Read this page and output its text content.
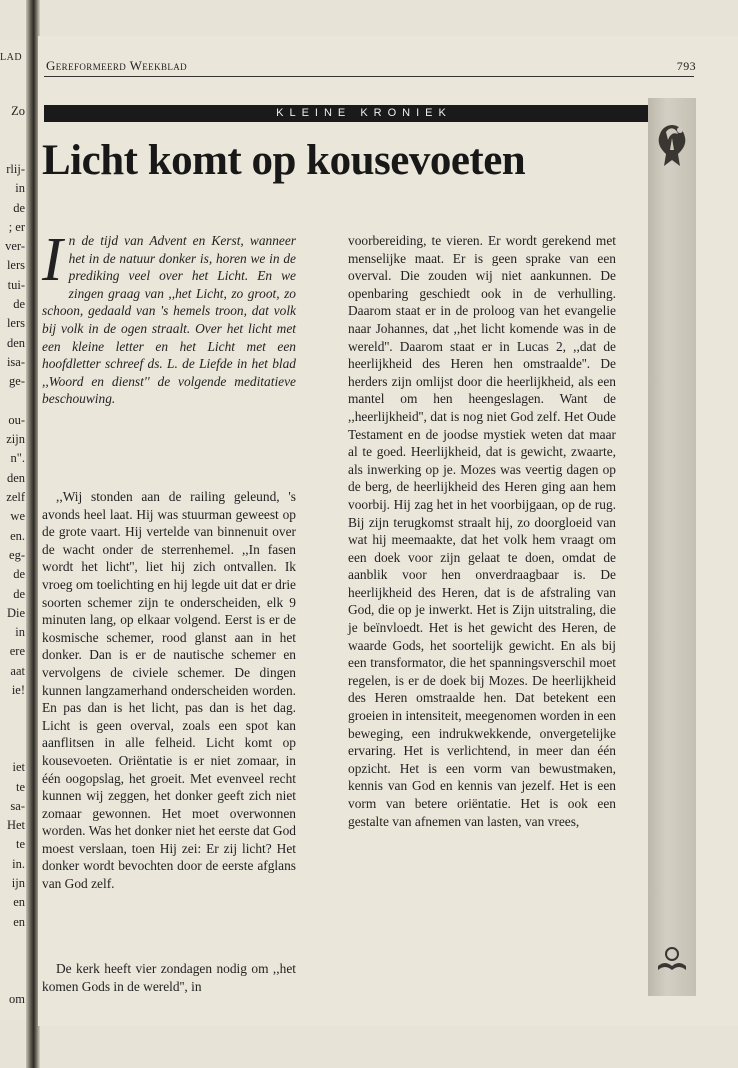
LAD
Zo
rlij-
in
de
; er
ver-
lers
tui-
de
lers
den
isa-
ge-
ou-
zijn
n".
den
zelf
we
en.
eg-
de
de
Die
in
ere
aat
ie!
iet
te
sa-
Het
te
in.
ijn
en
en
om
Gereformeerd Weekblad	793
KLEINE KRONIEK
Licht komt op kousevoeten
In de tijd van Advent en Kerst, wanneer het in de natuur donker is, horen we in de prediking veel over het Licht. En we zingen graag van ,,het Licht, zo groot, zo schoon, gedaald van 's hemels troon, dat volk bij volk in de ogen straalt. Over het licht met een kleine letter en het Licht met een hoofdletter schreef ds. L. de Liefde in het blad ,,Woord en dienst'' de volgende meditatieve beschouwing.

,,Wij stonden aan de railing geleund, 's avonds heel laat. Hij was stuurman geweest op de grote vaart. Hij vertelde van binnenuit over de wacht onder de sterrenhemel. ,,In fasen wordt het licht'', liet hij zich ontvallen. Ik vroeg om toelichting en hij legde uit dat er drie soorten schemer zijn te onderscheiden, elk 9 minuten lang, op elkaar volgend. Eerst is er de kosmische schemer, rood glanst aan in het donker. Dan is er de nautische schemer en vervolgens de civiele schemer. De dingen kunnen langzamerhand onderscheiden worden. En pas dan is het licht, pas dan is het dag. Licht is geen overval, zoals een spot kan aanflitsen in alle felheid. Licht komt op kousevoeten. Oriëntatie is er niet zomaar, in één oogopslag, het groeit. Met evenveel recht kunnen wij zeggen, het donker geeft zich niet zomaar gewonnen. Het moet overwonnen worden. Was het donker niet het eerste dat God moest verslaan, toen Hij zei: Er zij licht? Het donker wordt bevochten door de eerste afglans van God zelf.

De kerk heeft vier zondagen nodig om ,,het komen Gods in de wereld'', in

voorbereiding, te vieren. Er wordt gerekend met menselijke maat. Er is geen sprake van een overval. Die zouden wij niet aankunnen. De openbaring geschiedt ook in de verhulling. Daarom staat er in de proloog van het evangelie naar Johannes, dat ,,het licht komende was in de wereld''. Daarom staat er in Lucas 2, ,,dat de heerlijkheid des Heren hen omstraalde''. De herders zijn omlijst door die heerlijkheid, als een mantel om hen heengeslagen. Want de ,,heerlijkheid'', dat is nog niet God zelf. Het Oude Testament en de joodse mystiek weten dat maar al te goed. Heerlijkheid, dat is gewicht, zwaarte, als inwerking op je. Mozes was veertig dagen op de berg, de heerlijkheid des Heren ging aan hem voorbij. Hij zag het in het voorbijgaan, op de rug. Bij zijn terugkomst straalt hij, zo doorgloeid van wat hij meemaakte, dat het volk hem vraagt om een doek voor zijn gelaat te doen, omdat de aanblik voor hen onverdraagbaar is. De heerlijkheid des Heren, dat is de afstraling van God, die op je inwerkt. Het is Zijn uitstraling, die je beïnvloedt. Het is het gewicht des Heren, de waarde Gods, het soortelijk gewicht. En als bij een transformator, die het spanningsverschil moet regelen, is er de doek bij Mozes. De heerlijkheid des Heren omstraalde hen. Dat betekent een groeien in intensiteit, meegenomen worden in een beweging, een indrukwekkende, onvergetelijke ervaring. Het is verlichtend, in meer dan één opzicht. Het is een vorm van bewustmaken, kennis van God en kennis van jezelf. Het is een vorm van betere oriëntatie. Het is ook een gestalte van afnemen van lasten, van vrees,
